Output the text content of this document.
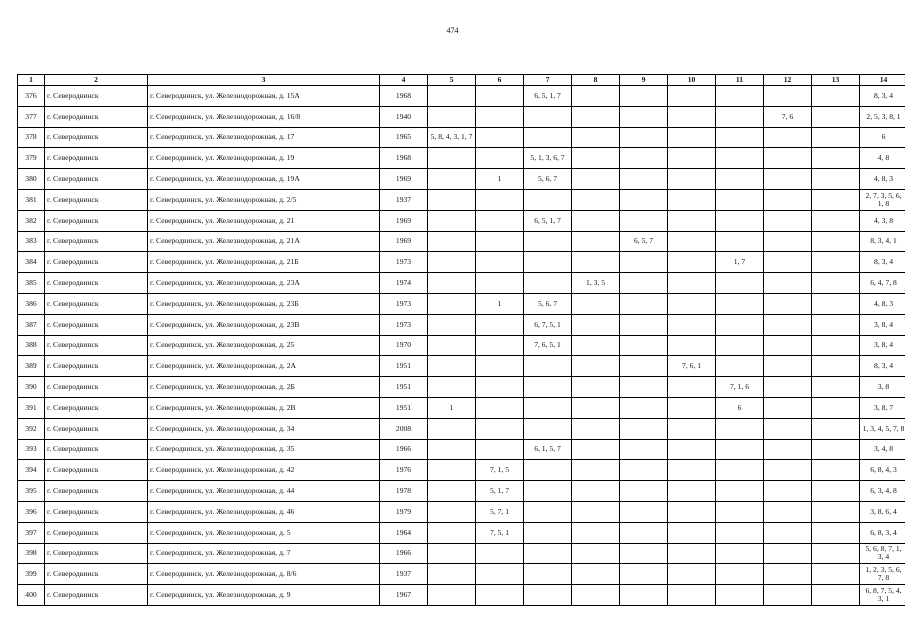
474
1	2	3	4	5	6	7	8	9	10	11	12	13	14
376	г. Северодвинск	г. Северодвинск, ул. Железнодорожная, д. 15А	1968			6, 5, 1, 7							8, 3, 4
377	г. Северодвинск	г. Северодвинск, ул. Железнодорожная, д. 16/8	1940								7, 6		2, 5, 3, 8, 1
378	г. Северодвинск	г. Северодвинск, ул. Железнодорожная, д. 17	1965	5, 8, 4, 3, 1, 7									6
379	г. Северодвинск	г. Северодвинск, ул. Железнодорожная, д. 19	1968			5, 1, 3, 6, 7							4, 8
380	г. Северодвинск	г. Северодвинск, ул. Железнодорожная, д. 19А	1969		1	5, 6, 7							4, 8, 3
381	г. Северодвинск	г. Северодвинск, ул. Железнодорожная, д. 2/5	1937										2, 7, 3, 5, 6, 1, 8
382	г. Северодвинск	г. Северодвинск, ул. Железнодорожная, д. 21	1969			6, 5, 1, 7							4, 3, 8
383	г. Северодвинск	г. Северодвинск, ул. Железнодорожная, д. 21А	1969					6, 5, 7					8, 3, 4, 1
384	г. Северодвинск	г. Северодвинск, ул. Железнодорожная, д. 21Б	1973							1, 7			8, 3, 4
385	г. Северодвинск	г. Северодвинск, ул. Железнодорожная, д. 23А	1974				1, 3, 5						6, 4, 7, 8
386	г. Северодвинск	г. Северодвинск, ул. Железнодорожная, д. 23Б	1973		1	5, 6, 7							4, 8, 3
387	г. Северодвинск	г. Северодвинск, ул. Железнодорожная, д. 23В	1973			6, 7, 5, 1							3, 8, 4
388	г. Северодвинск	г. Северодвинск, ул. Железнодорожная, д. 25	1970			7, 6, 5, 1							3, 8, 4
389	г. Северодвинск	г. Северодвинск, ул. Железнодорожная, д. 2А	1951						7, 6, 1				8, 3, 4
390	г. Северодвинск	г. Северодвинск, ул. Железнодорожная, д. 2Б	1951							7, 1, 6			3, 8
391	г. Северодвинск	г. Северодвинск, ул. Железнодорожная, д. 2В	1951	1						6			3, 8, 7
392	г. Северодвинск	г. Северодвинск, ул. Железнодорожная, д. 34	2008										1, 3, 4, 5, 7, 8
393	г. Северодвинск	г. Северодвинск, ул. Железнодорожная, д. 35	1966			6, 1, 5, 7							3, 4, 8
394	г. Северодвинск	г. Северодвинск, ул. Железнодорожная, д. 42	1976		7, 1, 5								6, 8, 4, 3
395	г. Северодвинск	г. Северодвинск, ул. Железнодорожная, д. 44	1978		5, 1, 7								6, 3, 4, 8
396	г. Северодвинск	г. Северодвинск, ул. Железнодорожная, д. 46	1979		5, 7, 1								3, 8, 6, 4
397	г. Северодвинск	г. Северодвинск, ул. Железнодорожная, д. 5	1964		7, 5, 1								6, 8, 3, 4
398	г. Северодвинск	г. Северодвинск, ул. Железнодорожная, д. 7	1966										5, 6, 8, 7, 1, 3, 4
399	г. Северодвинск	г. Северодвинск, ул. Железнодорожная, д. 8/6	1937										1, 2, 3, 5, 6, 7, 8
400	г. Северодвинск	г. Северодвинск, ул. Железнодорожная, д. 9	1967										6, 8, 7, 5, 4, 3, 1
